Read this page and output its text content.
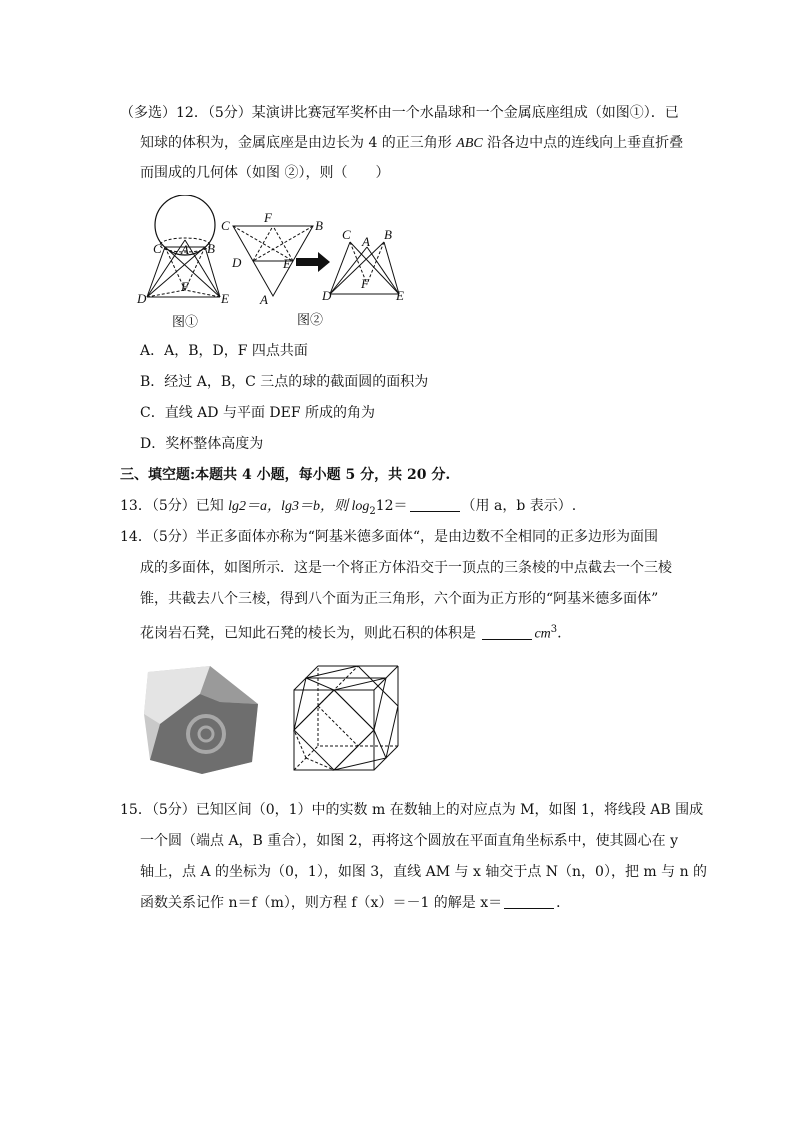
（多选）12．（5分）某演讲比赛冠军奖杯由一个水晶球和一个金属底座组成（如图①）．已
知球的体积为，金属底座是由边长为 4 的正三角形 ABC 沿各边中点的连线向上垂直折叠
而围成的几何体（如图 ②），则（　　）
C A B
F
D	E
图①
C
F
B
D	E
A
图②
C A B
F
D	E
A．A，B，D，F 四点共面
B．经过 A，B，C 三点的球的截面圆的面积为
C．直线 AD 与平面 DEF 所成的角为
D．奖杯整体高度为
三、填空题:本题共 4 小题，每小题 5 分，共 20 分.
13．（5分）已知 lg2＝a，lg3＝b，则 $\log_212=$	（用 a，b 表示）.
14．（5分）半正多面体亦称为“阿基米德多面体“，是由边数不全相同的正多边形为面围
成的多面体，如图所示．这是一个将正方体沿交于一顶点的三条棱的中点截去一个三棱
锥，共截去八个三棱，得到八个面为正三角形，六个面为正方形的“阿基米德多面体”
花岗岩石凳，已知此石凳的棱长为，则此石积的体积是	$cm^3$.
15．（5分）已知区间（0，1）中的实数 m 在数轴上的对应点为 M，如图 1，将线段 AB 围成
一个圆（端点 A，B 重合），如图 2，再将这个圆放在平面直角坐标系中，使其圆心在 y
轴上，点 A 的坐标为（0，1），如图 3，直线 AM 与 x 轴交于点 N（n，0），把 m 与 n 的
函数关系记作 n＝f（m），则方程 f（x）＝－1 的解是 x＝	．
